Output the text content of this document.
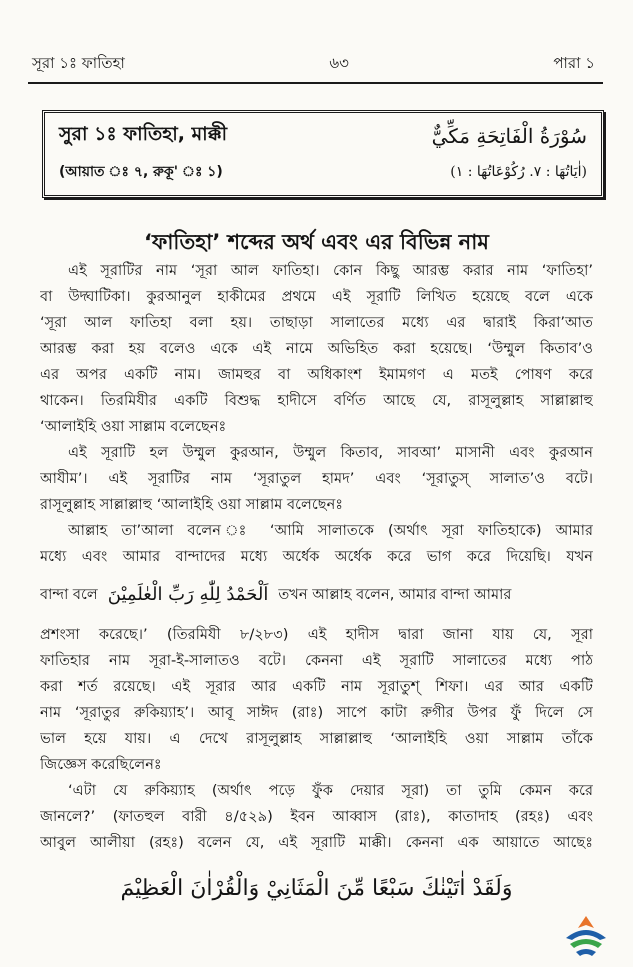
সূরা ১ঃ ফাতিহা	৬৩	পারা ১
সুরা ১ঃ ফাতিহা, মাক্কী	سُوْرَةُ الْفَاتِحَةِ مَكِّيٌّ
(আয়াত ঃ ৭, রুকূ' ঃ ১)	(اٰيَاتُهَا : ٧. رُكُوْعَاتُهَا : ١)
‘ফাতিহা’ শব্দের অর্থ এবং এর বিভিন্ন নাম
এই সূরাটির নাম ‘সূরা আল ফাতিহা। কোন কিছু আরম্ভ করার নাম ‘ফাতিহা’
বা উদ্ঘাটিকা। কুরআনুল হাকীমের প্রথমে এই সূরাটি লিখিত হয়েছে বলে একে
‘সূরা আল ফাতিহা বলা হয়। তাছাড়া সালাতের মধ্যে এর দ্বারাই কিরা’আত
আরম্ভ করা হয় বলেও একে এই নামে অভিহিত করা হয়েছে। ‘উম্মুল কিতাব’ও
এর অপর একটি নাম। জামহুর বা অধিকাংশ ইমামগণ এ মতই পোষণ করে
থাকেন। তিরমিযীর একটি বিশুদ্ধ হাদীসে বর্ণিত আছে যে, রাসূলুল্লাহ সাল্লাল্লাহু
‘আলাইহি ওয়া সাল্লাম বলেছেনঃ
এই সূরাটি হল উম্মুল কুরআন, উম্মুল কিতাব, সাবআ’ মাসানী এবং কুরআন
আযীম’। এই সূরাটির নাম ‘সূরাতুল হামদ’ এবং ‘সূরাতুস্ সালাত’ও বটে।
রাসূলুল্লাহ সাল্লাল্লাহু ‘আলাইহি ওয়া সাল্লাম বলেছেনঃ
আল্লাহ তা’আলা বলেন ঃ ‘আমি সালাতকে (অর্থাৎ সূরা ফাতিহাকে) আমার
মধ্যে এবং আমার বান্দাদের মধ্যে অর্ধেক অর্ধেক করে ভাগ করে দিয়েছি। যখন
বান্দা বলে اَلْحَمْدُ لِلّٰهِ رَبِّ الْعٰلَمِيْنَ তখন আল্লাহ বলেন, আমার বান্দা আমার
প্রশংসা করেছে।’ (তিরমিযী ৮/২৮৩) এই হাদীস দ্বারা জানা যায় যে, সূরা
ফাতিহার নাম সূরা-ই-সালাতও বটে। কেননা এই সূরাটি সালাতের মধ্যে পাঠ
করা শর্ত রয়েছে। এই সূরার আর একটি নাম সূরাতুশ্ শিফা। এর আর একটি
নাম ‘সূরাতুর রুকিয়্যাহ’। আবূ সাঈদ (রাঃ) সাপে কাটা রুগীর উপর ফুঁ দিলে সে
ভাল হয়ে যায়। এ দেখে রাসূলুল্লাহ সাল্লাল্লাহু ‘আলাইহি ওয়া সাল্লাম তাঁকে
জিজ্ঞেস করেছিলেনঃ
‘এটা যে রুকিয়্যাহ (অর্থাৎ পড়ে ফুঁক দেয়ার সূরা) তা তুমি কেমন করে
জানলে?’ (ফাতহুল বারী ৪/৫২৯) ইবন আব্বাস (রাঃ), কাতাদাহ (রহঃ) এবং
আবুল আলীয়া (রহঃ) বলেন যে, এই সূরাটি মাক্কী। কেননা এক আয়াতে আছেঃ
وَلَقَدْ اٰتَيْنٰكَ سَبْعًا مِّنَ الْمَثَانِيْ وَالْقُرْاٰنَ الْعَظِيْمَ
